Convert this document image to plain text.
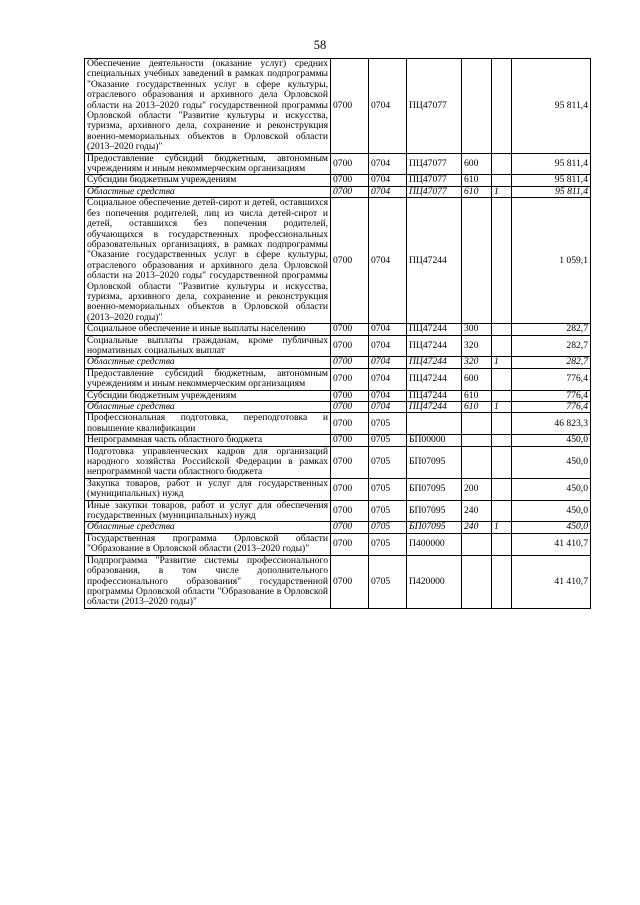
58
Обеспечение деятельности (оказание услуг) средних специальных учебных заведений в рамках подпрограммы "Оказание государственных услуг в сфере культуры, отраслевого образования и архивного дела Орловской области на 2013–2020 годы" государственной программы Орловской области "Развитие культуры и искусства, туризма, архивного дела, сохранение и реконструкция военно-мемориальных объектов в Орловской области (2013–2020 годы)"	0700	0704	ПЦ47077			95 811,4
Предоставление субсидий бюджетным, автономным учреждениям и иным некоммерческим организациям	0700	0704	ПЦ47077	600		95 811,4
Субсидии бюджетным учреждениям	0700	0704	ПЦ47077	610		95 811,4
Областные средства	0700	0704	ПЦ47077	610	1	95 811,4
Социальное обеспечение детей-сирот и детей, оставшихся без попечения родителей, лиц из числа детей-сирот и детей, оставшихся без попечения родителей, обучающихся в государственных профессиональных образовательных организациях, в рамках подпрограммы "Оказание государственных услуг в сфере культуры, отраслевого образования и архивного дела Орловской области на 2013–2020 годы" государственной программы Орловской области "Развитие культуры и искусства, туризма, архивного дела, сохранение и реконструкция военно-мемориальных объектов в Орловской области (2013–2020 годы)"	0700	0704	ПЦ47244			1 059,1
Социальное обеспечение и иные выплаты населению	0700	0704	ПЦ47244	300		282,7
Социальные выплаты гражданам, кроме публичных нормативных социальных выплат	0700	0704	ПЦ47244	320		282,7
Областные средства	0700	0704	ПЦ47244	320	1	282,7
Предоставление субсидий бюджетным, автономным учреждениям и иным некоммерческим организациям	0700	0704	ПЦ47244	600		776,4
Субсидии бюджетным учреждениям	0700	0704	ПЦ47244	610		776,4
Областные средства	0700	0704	ПЦ47244	610	1	776,4
Профессиональная подготовка, переподготовка и повышение квалификации	0700	0705				46 823,3
Непрограммная часть областного бюджета	0700	0705	БП00000			450,0
Подготовка управленческих кадров для организаций народного хозяйства Российской Федерации в рамках непрограммной части областного бюджета	0700	0705	БП07095			450,0
Закупка товаров, работ и услуг для государственных (муниципальных) нужд	0700	0705	БП07095	200		450,0
Иные закупки товаров, работ и услуг для обеспечения государственных (муниципальных) нужд	0700	0705	БП07095	240		450,0
Областные средства	0700	0705	БП07095	240	1	450,0
Государственная программа Орловской области "Образование в Орловской области (2013–2020 годы)"	0700	0705	П400000			41 410,7
Подпрограмма "Развитие системы профессионального образования, в том числе дополнительного профессионального образования" государственной программы Орловской области "Образование в Орловской области (2013–2020 годы)"	0700	0705	П420000			41 410,7
